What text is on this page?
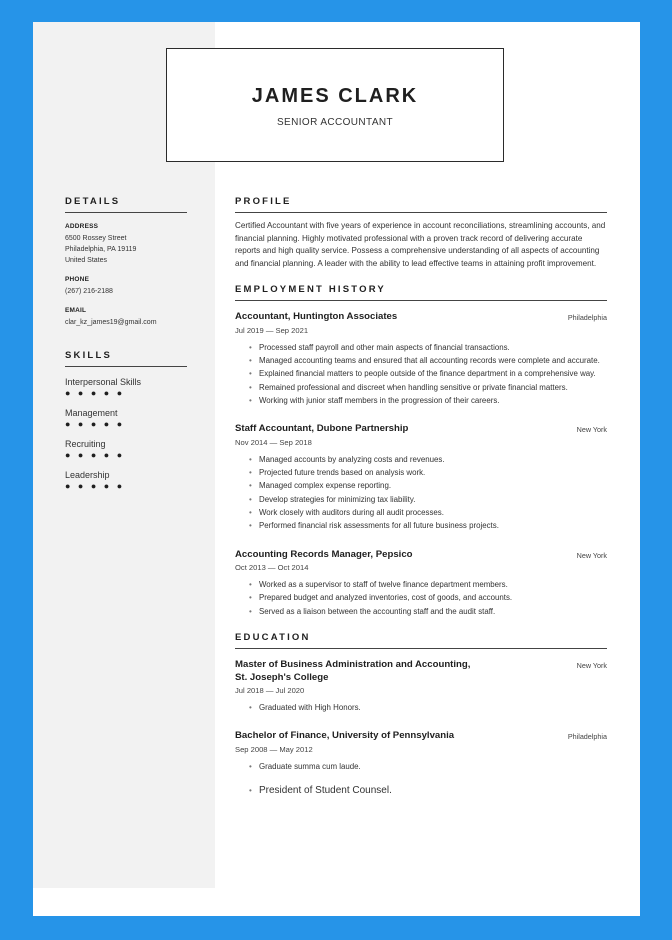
JAMES CLARK
SENIOR ACCOUNTANT
DETAILS
ADDRESS
6500 Rossey Street
Philadelphia, PA 19119
United States
PHONE
(267) 216-2188
EMAIL
clar_kz_james19@gmail.com
SKILLS
Interpersonal Skills
● ● ● ● ●
Management
● ● ● ● ●
Recruiting
● ● ● ● ●
Leadership
● ● ● ● ●
PROFILE
Certified Accountant with five years of experience in account reconciliations, streamlining accounts, and financial planning. Highly motivated professional with a proven track record of delivering accurate reports and high quality service. Possess a comprehensive understanding of all aspects of accounting and financial planning. A leader with the ability to lead effective teams in attaining profit improvement.
EMPLOYMENT HISTORY
Accountant, Huntington Associates	Philadelphia
Jul 2019 — Sep 2021
• Processed staff payroll and other main aspects of financial transactions.
• Managed accounting teams and ensured that all accounting records were complete and accurate.
• Explained financial matters to people outside of the finance department in a comprehensive way.
• Remained professional and discreet when handling sensitive or private financial matters.
• Working with junior staff members in the progression of their careers.
Staff Accountant, Dubone Partnership	New York
Nov 2014 — Sep 2018
• Managed accounts by analyzing costs and revenues.
• Projected future trends based on analysis work.
• Managed complex expense reporting.
• Develop strategies for minimizing tax liability.
• Work closely with auditors during all audit processes.
• Performed financial risk assessments for all future business projects.
Accounting Records Manager, Pepsico	New York
Oct 2013 — Oct 2014
• Worked as a supervisor to staff of twelve finance department members.
• Prepared budget and analyzed inventories, cost of goods, and accounts.
• Served as a liaison between the accounting staff and the audit staff.
EDUCATION
Master of Business Administration and Accounting,
St. Joseph's College
New York
Jul 2018 — Jul 2020
• Graduated with High Honors.
Bachelor of Finance, University of Pennsylvania	Philadelphia
Sep 2008 — May 2012
• Graduate summa cum laude.
• President of Student Counsel.
